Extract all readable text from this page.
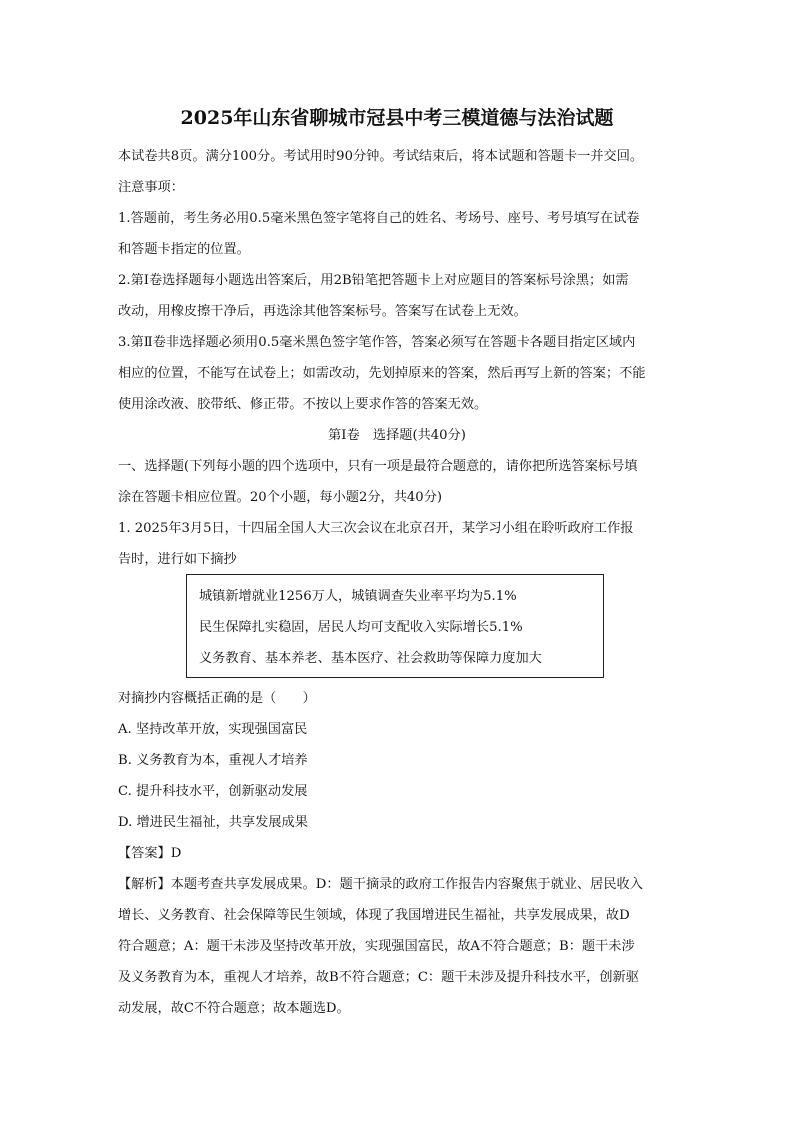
2025年山东省聊城市冠县中考三模道德与法治试题
本试卷共8页。满分100分。考试用时90分钟。考试结束后，将本试题和答题卡一并交回。
注意事项：
1.答题前，考生务必用0.5毫米黑色签字笔将自己的姓名、考场号、座号、考号填写在试卷
和答题卡指定的位置。
2.第Ⅰ卷选择题每小题选出答案后，用2B铅笔把答题卡上对应题目的答案标号涂黑；如需
改动，用橡皮擦干净后，再选涂其他答案标号。答案写在试卷上无效。
3.第Ⅱ卷非选择题必须用0.5毫米黑色签字笔作答，答案必须写在答题卡各题目指定区域内
相应的位置，不能写在试卷上；如需改动，先划掉原来的答案，然后再写上新的答案；不能
使用涂改液、胶带纸、修正带。不按以上要求作答的答案无效。
第Ⅰ卷　选择题(共40分)
一、选择题(下列每小题的四个选项中，只有一项是最符合题意的，请你把所选答案标号填
涂在答题卡相应位置。20个小题，每小题2分，共40分)
1. 2025年3月5日，十四届全国人大三次会议在北京召开，某学习小组在聆听政府工作报
告时，进行如下摘抄
城镇新增就业1256万人，城镇调查失业率平均为5.1%
民生保障扎实稳固，居民人均可支配收入实际增长5.1%
义务教育、基本养老、基本医疗、社会救助等保障力度加大
对摘抄内容概括正确的是（　　）
A. 坚持改革开放，实现强国富民
B. 义务教育为本，重视人才培养
C. 提升科技水平，创新驱动发展
D. 增进民生福祉，共享发展成果
【答案】D
【解析】本题考查共享发展成果。D：题干摘录的政府工作报告内容聚焦于就业、居民收入
增长、义务教育、社会保障等民生领域，体现了我国增进民生福祉，共享发展成果，故D
符合题意；A：题干未涉及坚持改革开放，实现强国富民，故A不符合题意；B：题干未涉
及义务教育为本，重视人才培养，故B不符合题意；C：题干未涉及提升科技水平，创新驱
动发展，故C不符合题意；故本题选D。
